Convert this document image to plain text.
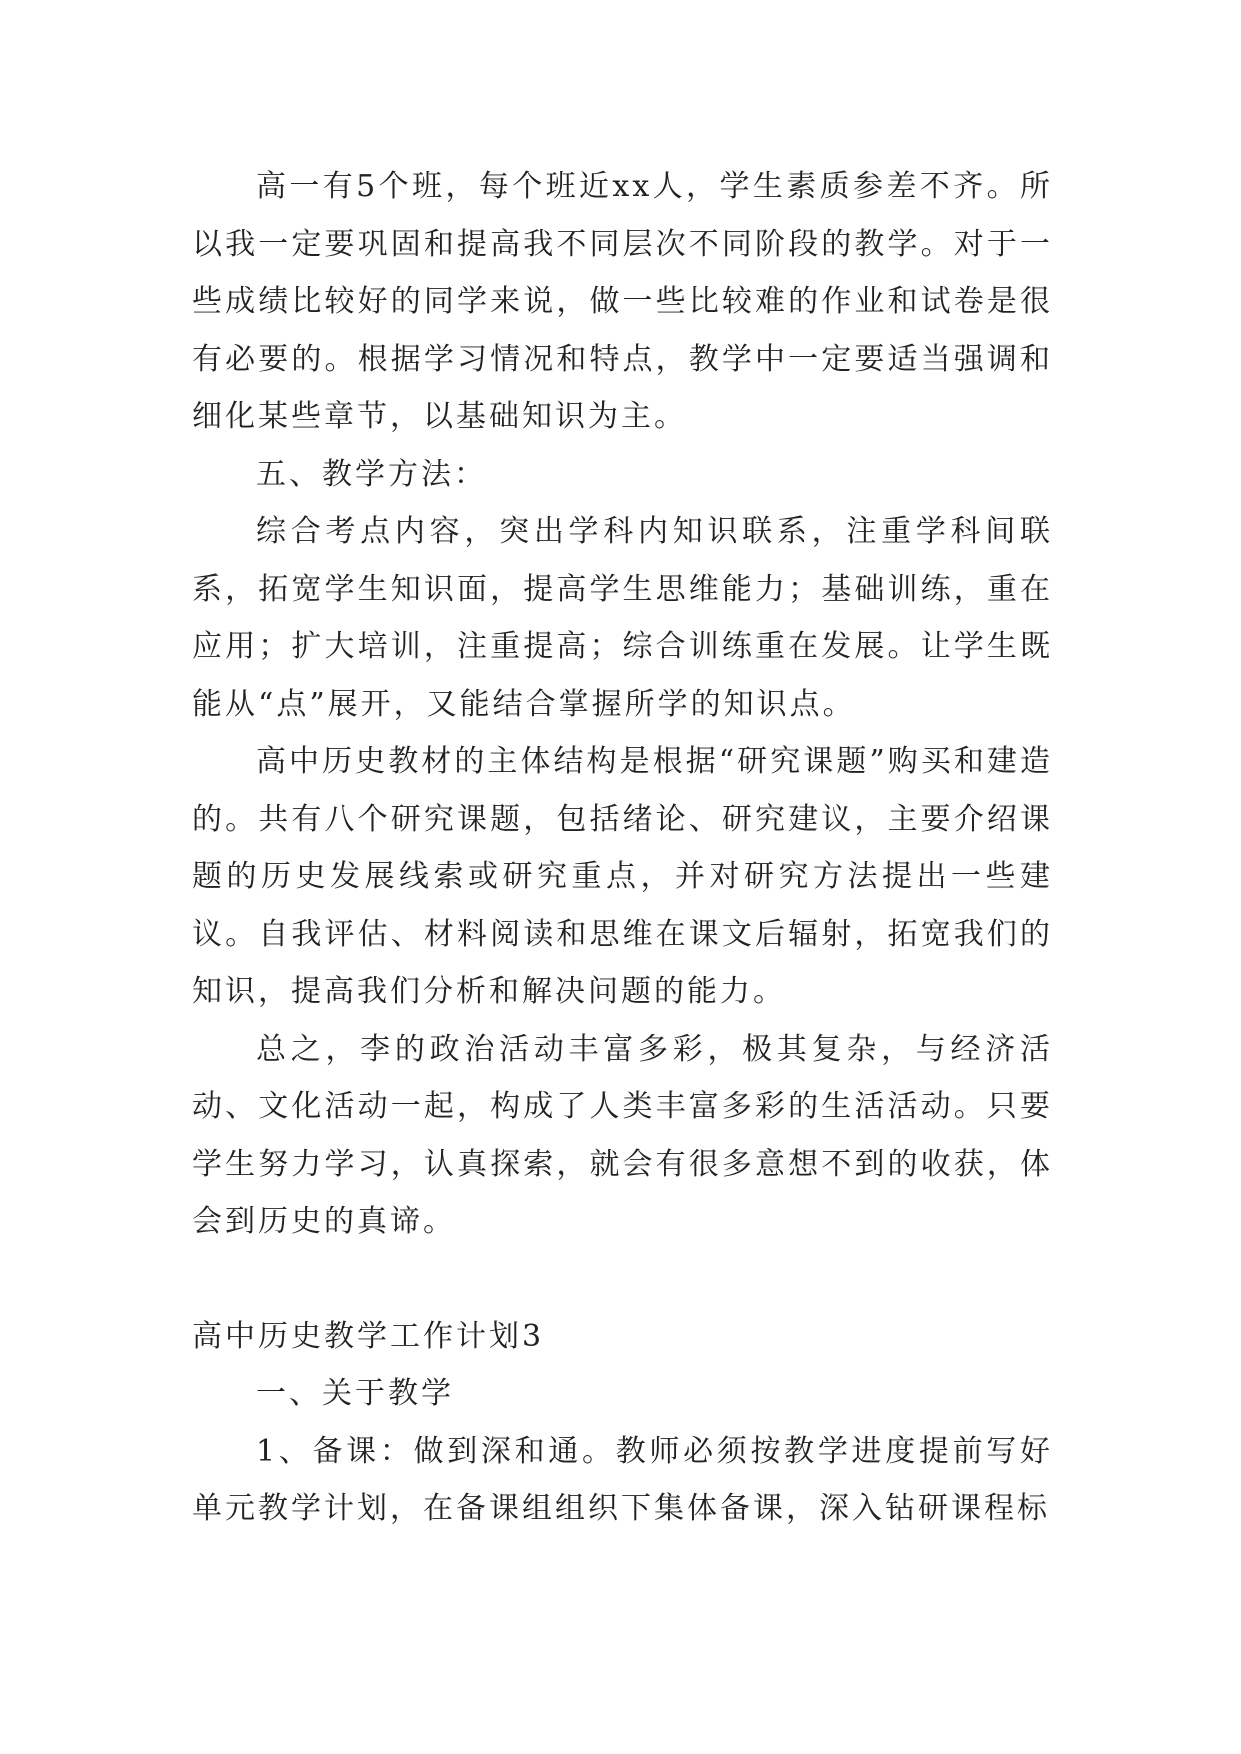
高一有5个班，每个班近xx人，学生素质参差不齐。所以我一定要巩固和提高我不同层次不同阶段的教学。对于一些成绩比较好的同学来说，做一些比较难的作业和试卷是很有必要的。根据学习情况和特点，教学中一定要适当强调和细化某些章节，以基础知识为主。

五、教学方法：

综合考点内容，突出学科内知识联系，注重学科间联系，拓宽学生知识面，提高学生思维能力；基础训练，重在应用；扩大培训，注重提高；综合训练重在发展。让学生既能从“点”展开，又能结合掌握所学的知识点。

高中历史教材的主体结构是根据“研究课题”购买和建造的。共有八个研究课题，包括绪论、研究建议，主要介绍课题的历史发展线索或研究重点，并对研究方法提出一些建议。自我评估、材料阅读和思维在课文后辐射，拓宽我们的知识，提高我们分析和解决问题的能力。

总之，李的政治活动丰富多彩，极其复杂，与经济活动、文化活动一起，构成了人类丰富多彩的生活活动。只要学生努力学习，认真探索，就会有很多意想不到的收获，体会到历史的真谛。

高中历史教学工作计划3

一、关于教学

1、备课：做到深和通。教师必须按教学进度提前写好单元教学计划，在备课组组织下集体备课，深入钻研课程标
